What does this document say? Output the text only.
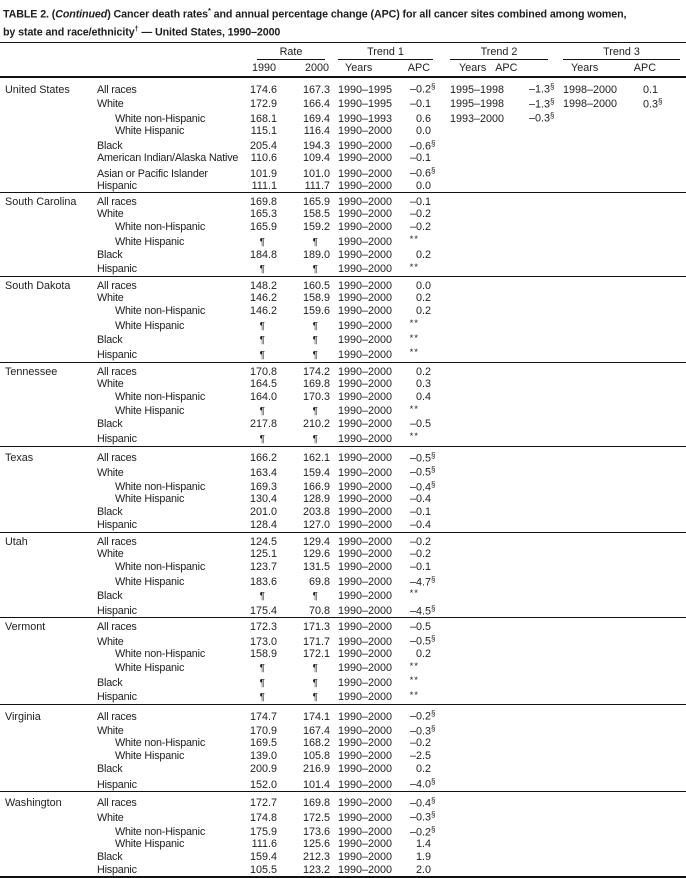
TABLE 2. (Continued) Cancer death rates* and annual percentage change (APC) for all cancer sites combined among women,
by state and race/ethnicity† — United States, 1990–2000

		Rate		Trend 1		Trend 2		Trend 3	

		1990	2000	Years	APC	Years APC		Years	APC
United States	All races	174.6	167.3	1990–1995	–0.2§	1995–1998	–1.3§	1998–2000	0.1
	White	172.9	166.4	1990–1995	–0.1	1995–1998	–1.3§	1998–2000	0.3§
	White non-Hispanic	168.1	169.4	1990–1993	0.6	1993–2000	–0.3§		
	White Hispanic	115.1	116.4	1990–2000	0.0				
	Black	205.4	194.3	1990–2000	–0.6§				
	American Indian/Alaska Native	110.6	109.4	1990–2000	–0.1				
	Asian or Pacific Islander	101.9	101.0	1990–2000	–0.6§				
	Hispanic	111.1	111.7	1990–2000	0.0				
South Carolina	All races	169.8	165.9	1990–2000	–0.1				
	White	165.3	158.5	1990–2000	–0.2				
	White non-Hispanic	165.9	159.2	1990–2000	–0.2				
	White Hispanic	¶	¶	1990–2000	**				
	Black	184.8	189.0	1990–2000	0.2				
	Hispanic	¶	¶	1990–2000	**				
South Dakota	All races	148.2	160.5	1990–2000	0.0				
	White	146.2	158.9	1990–2000	0.2				
	White non-Hispanic	146.2	159.6	1990–2000	0.2				
	White Hispanic	¶	¶	1990–2000	**				
	Black	¶	¶	1990–2000	**				
	Hispanic	¶	¶	1990–2000	**				
Tennessee	All races	170.8	174.2	1990–2000	0.2				
	White	164.5	169.8	1990–2000	0.3				
	White non-Hispanic	164.0	170.3	1990–2000	0.4				
	White Hispanic	¶	¶	1990–2000	**				
	Black	217.8	210.2	1990–2000	–0.5				
	Hispanic	¶	¶	1990–2000	**				
Texas	All races	166.2	162.1	1990–2000	–0.5§				
	White	163.4	159.4	1990–2000	–0.5§				
	White non-Hispanic	169.3	166.9	1990–2000	–0.4§				
	White Hispanic	130.4	128.9	1990–2000	–0.4				
	Black	201.0	203.8	1990–2000	–0.1				
	Hispanic	128.4	127.0	1990–2000	–0.4				
Utah	All races	124.5	129.4	1990–2000	–0.2				
	White	125.1	129.6	1990–2000	–0.2				
	White non-Hispanic	123.7	131.5	1990–2000	–0.1				
	White Hispanic	183.6	69.8	1990–2000	–4.7§				
	Black	¶	¶	1990–2000	**				
	Hispanic	175.4	70.8	1990–2000	–4.5§				
Vermont	All races	172.3	171.3	1990–2000	–0.5				
	White	173.0	171.7	1990–2000	–0.5§				
	White non-Hispanic	158.9	172.1	1990–2000	0.2				
	White Hispanic	¶	¶	1990–2000	**				
	Black	¶	¶	1990–2000	**				
	Hispanic	¶	¶	1990–2000	**				
Virginia	All races	174.7	174.1	1990–2000	–0.2§				
	White	170.9	167.4	1990–2000	–0.3§				
	White non-Hispanic	169.5	168.2	1990–2000	–0.2				
	White Hispanic	139.0	105.8	1990–2000	–2.5				
	Black	200.9	216.9	1990–2000	0.2				
	Hispanic	152.0	101.4	1990–2000	–4.0§				
Washington	All races	172.7	169.8	1990–2000	–0.4§				
	White	174.8	172.5	1990–2000	–0.3§				
	White non-Hispanic	175.9	173.6	1990–2000	–0.2§				
	White Hispanic	111.6	125.6	1990–2000	1.4				
	Black	159.4	212.3	1990–2000	1.9				
	Hispanic	105.5	123.2	1990–2000	2.0				
